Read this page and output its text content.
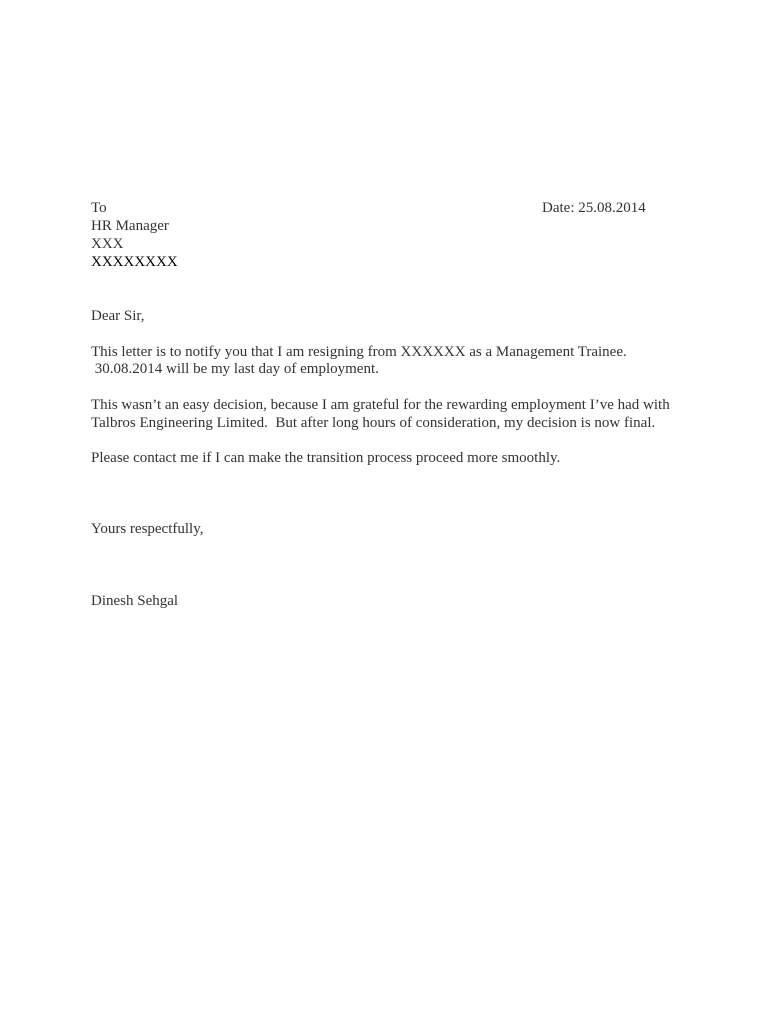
To	Date: 25.08.2014
HR Manager
XXX
XXXXXXXX
Dear Sir,
This letter is to notify you that I am resigning from XXXXXX as a Management Trainee.
30.08.2014 will be my last day of employment.
This wasn’t an easy decision, because I am grateful for the rewarding employment I’ve had with
Talbros Engineering Limited.  But after long hours of consideration, my decision is now final.
Please contact me if I can make the transition process proceed more smoothly.
Yours respectfully,
Dinesh Sehgal
